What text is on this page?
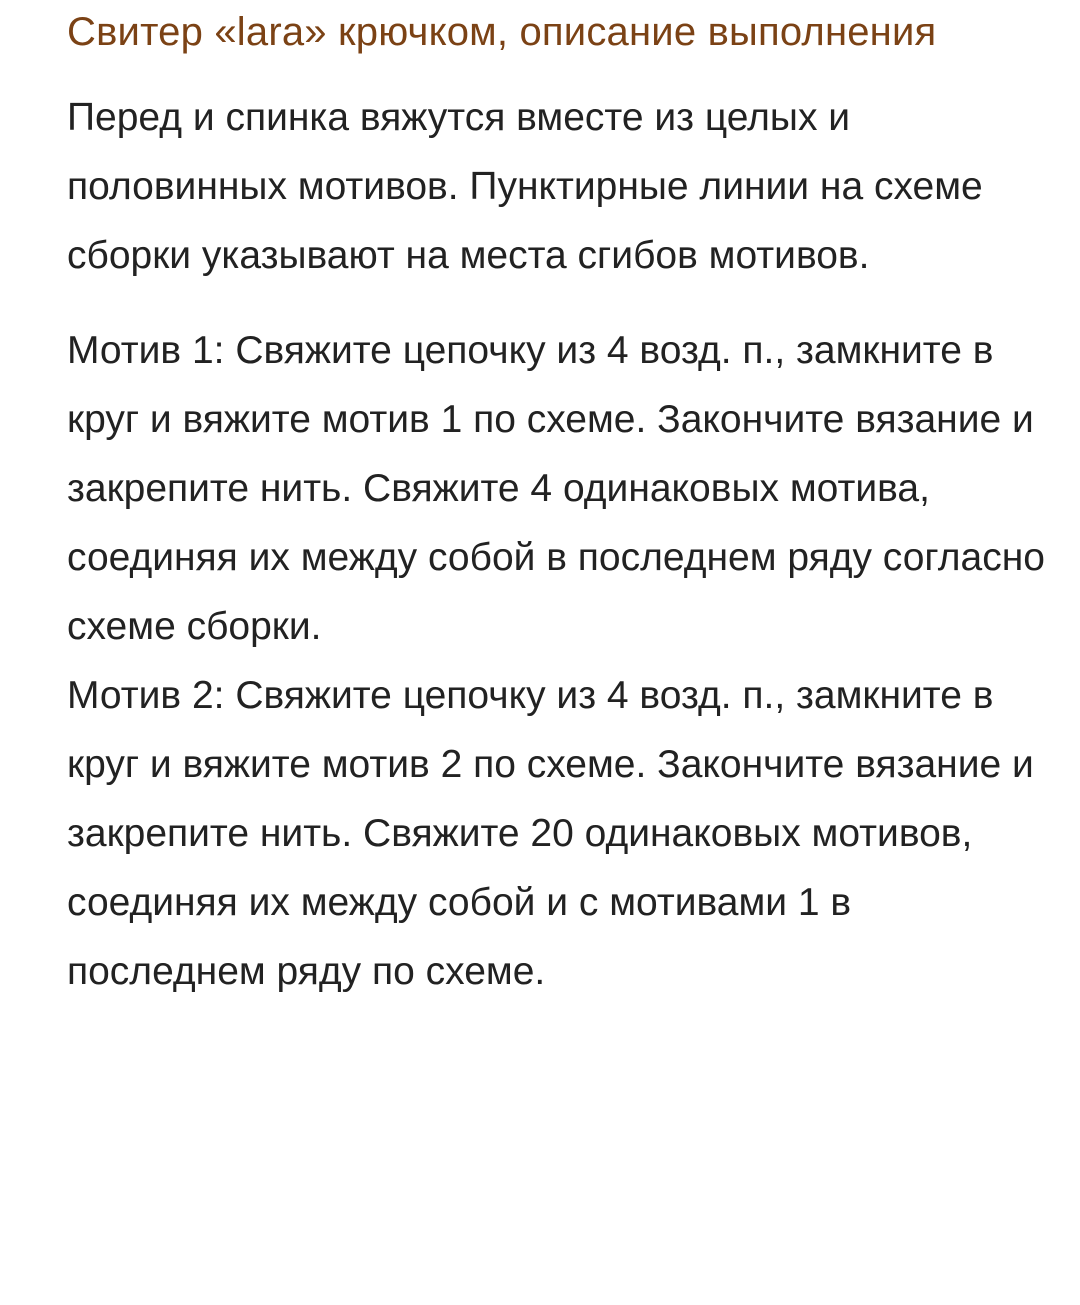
Свитер «lara» крючком, описание выполнения

Перед и спинка вяжутся вместе из целых и половинных мотивов. Пунктирные линии на схеме сборки указывают на места сгибов мотивов.

Мотив 1: Свяжите цепочку из 4 возд. п., замкните в круг и вяжите мотив 1 по схеме. Закончите вязание и закрепите нить. Свяжите 4 одинаковых мотива, соединяя их между собой в последнем ряду согласно схеме сборки.

Мотив 2: Свяжите цепочку из 4 возд. п., замкните в круг и вяжите мотив 2 по схеме. Закончите вязание и закрепите нить. Свяжите 20 одинаковых мотивов, соединяя их между собой и с мотивами 1 в последнем ряду по схеме.
